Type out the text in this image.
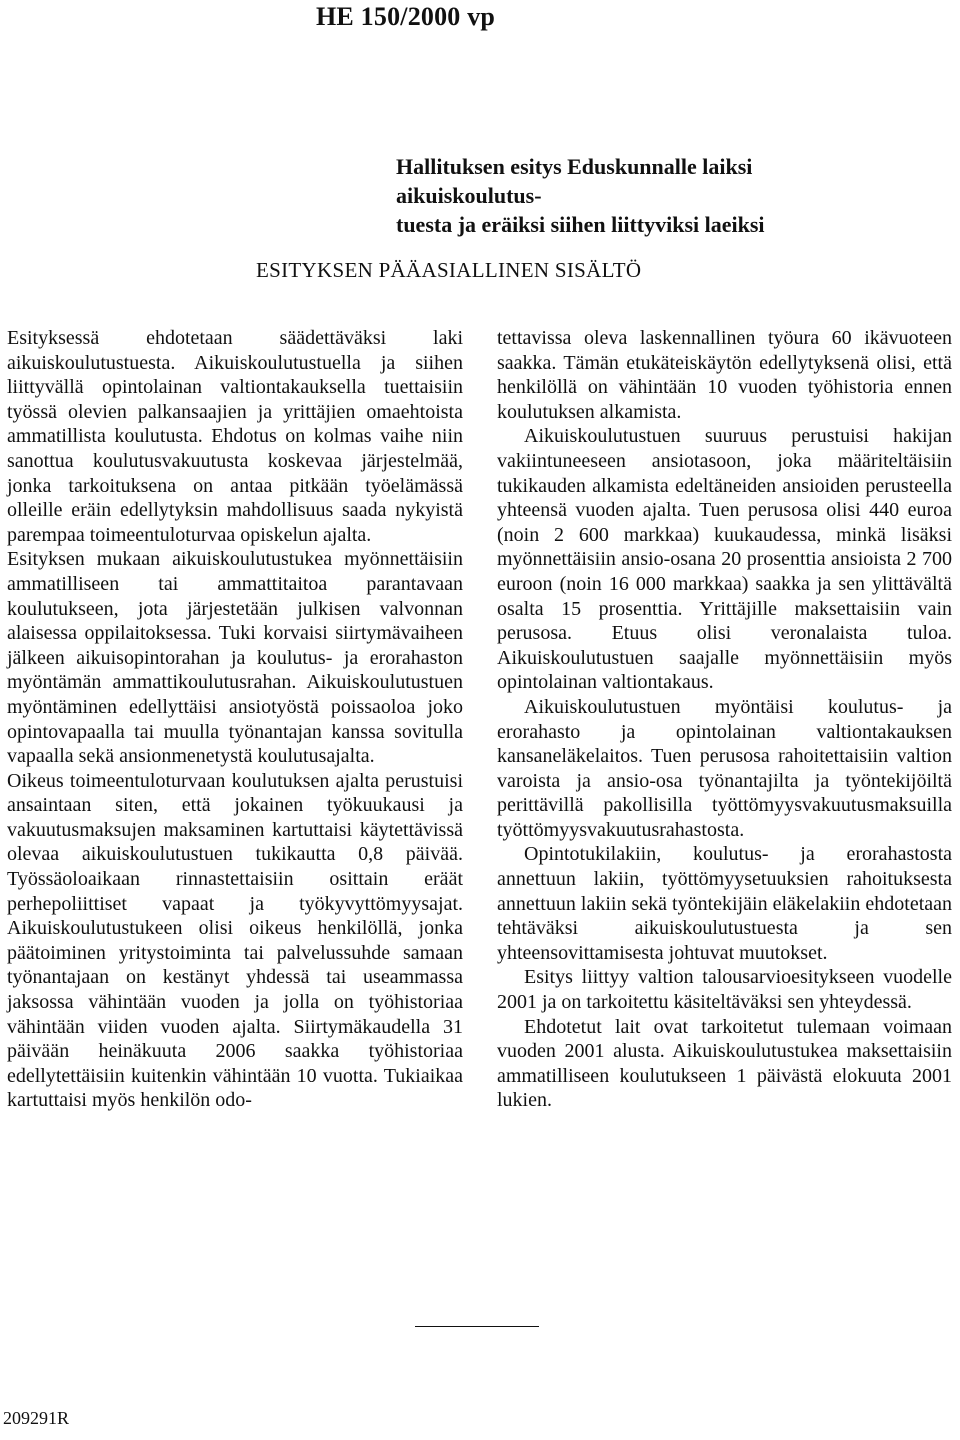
HE 150/2000 vp
Hallituksen esitys Eduskunnalle laiksi aikuiskoulutus-
tuesta ja eräiksi siihen liittyviksi laeiksi
ESITYKSEN PÄÄASIALLINEN SISÄLTÖ

Esityksessä ehdotetaan säädettäväksi laki aikuiskoulutustuesta. Aikuiskoulutustuella ja siihen liittyvällä opintolainan valtiontakauksella tuettaisiin työssä olevien palkansaajien ja yrittäjien omaehtoista ammatillista koulutusta. Ehdotus on kolmas vaihe niin sanottua koulutusvakuutusta koskevaa järjestelmää, jonka tarkoituksena on antaa pitkään työelämässä olleille eräin edellytyksin mahdollisuus saada nykyistä parempaa toimeentuloturvaa opiskelun ajalta.

Esityksen mukaan aikuiskoulutustukea myönnettäisiin ammatilliseen tai ammattitaitoa parantavaan koulutukseen, jota järjestetään julkisen valvonnan alaisessa oppilaitoksessa. Tuki korvaisi siirtymävaiheen jälkeen aikuisopintorahan ja koulutus- ja erorahaston myöntämän ammattikoulutusrahan. Aikuiskoulutustuen myöntäminen edellyttäisi ansiotyöstä poissaoloa joko opintovapaalla tai muulla työnantajan kanssa sovitulla vapaalla sekä ansionmenetystä koulutusajalta.

Oikeus toimeentuloturvaan koulutuksen ajalta perustuisi ansaintaan siten, että jokainen työkuukausi ja vakuutusmaksujen maksaminen kartuttaisi käytettävissä olevaa aikuiskoulutustuen tukikautta 0,8 päivää. Työssäoloaikaan rinnastettaisiin osittain eräät perhepoliittiset vapaat ja työkyvyttömyysajat. Aikuiskoulutustukeen olisi oikeus henkilöllä, jonka päätoiminen yritystoiminta tai palvelussuhde samaan työnantajaan on kestänyt yhdessä tai useammassa jaksossa vähintään vuoden ja jolla on työhistoriaa vähintään viiden vuoden ajalta. Siirtymäkaudella 31 päivään heinäkuuta 2006 saakka työhistoriaa edellytettäisiin kuitenkin vähintään 10 vuotta. Tukiaikaa kartuttaisi myös henkilön odo-

tettavissa oleva laskennallinen työura 60 ikävuoteen saakka. Tämän etukäteiskäytön edellytyksenä olisi, että henkilöllä on vähintään 10 vuoden työhistoria ennen koulutuksen alkamista.

Aikuiskoulutustuen suuruus perustuisi hakijan vakiintuneeseen ansiotasoon, joka määriteltäisiin tukikauden alkamista edeltäneiden ansioiden perusteella yhteensä vuoden ajalta. Tuen perusosa olisi 440 euroa (noin 2 600 markkaa) kuukaudessa, minkä lisäksi myönnettäisiin ansio-osana 20 prosenttia ansioista 2 700 euroon (noin 16 000 markkaa) saakka ja sen ylittävältä osalta 15 prosenttia. Yrittäjille maksettaisiin vain perusosa. Etuus olisi veronalaista tuloa. Aikuiskoulutustuen saajalle myönnettäisiin myös opintolainan valtiontakaus.

Aikuiskoulutustuen myöntäisi koulutus- ja erorahasto ja opintolainan valtiontakauksen kansaneläkelaitos. Tuen perusosa rahoitettaisiin valtion varoista ja ansio-osa työnantajilta ja työntekijöiltä perittävillä pakollisilla työttömyysvakuutusmaksuilla työttömyysvakuutusrahastosta.

Opintotukilakiin, koulutus- ja erorahastosta annettuun lakiin, työttömyysetuuksien rahoituksesta annettuun lakiin sekä työntekijäin eläkelakiin ehdotetaan tehtäväksi aikuiskoulutustuesta ja sen yhteensovittamisesta johtuvat muutokset.

Esitys liittyy valtion talousarvioesitykseen vuodelle 2001 ja on tarkoitettu käsiteltäväksi sen yhteydessä.

Ehdotetut lait ovat tarkoitetut tulemaan voimaan vuoden 2001 alusta. Aikuiskoulutustukea maksettaisiin ammatilliseen koulutukseen 1 päivästä elokuuta 2001 lukien.

209291R
